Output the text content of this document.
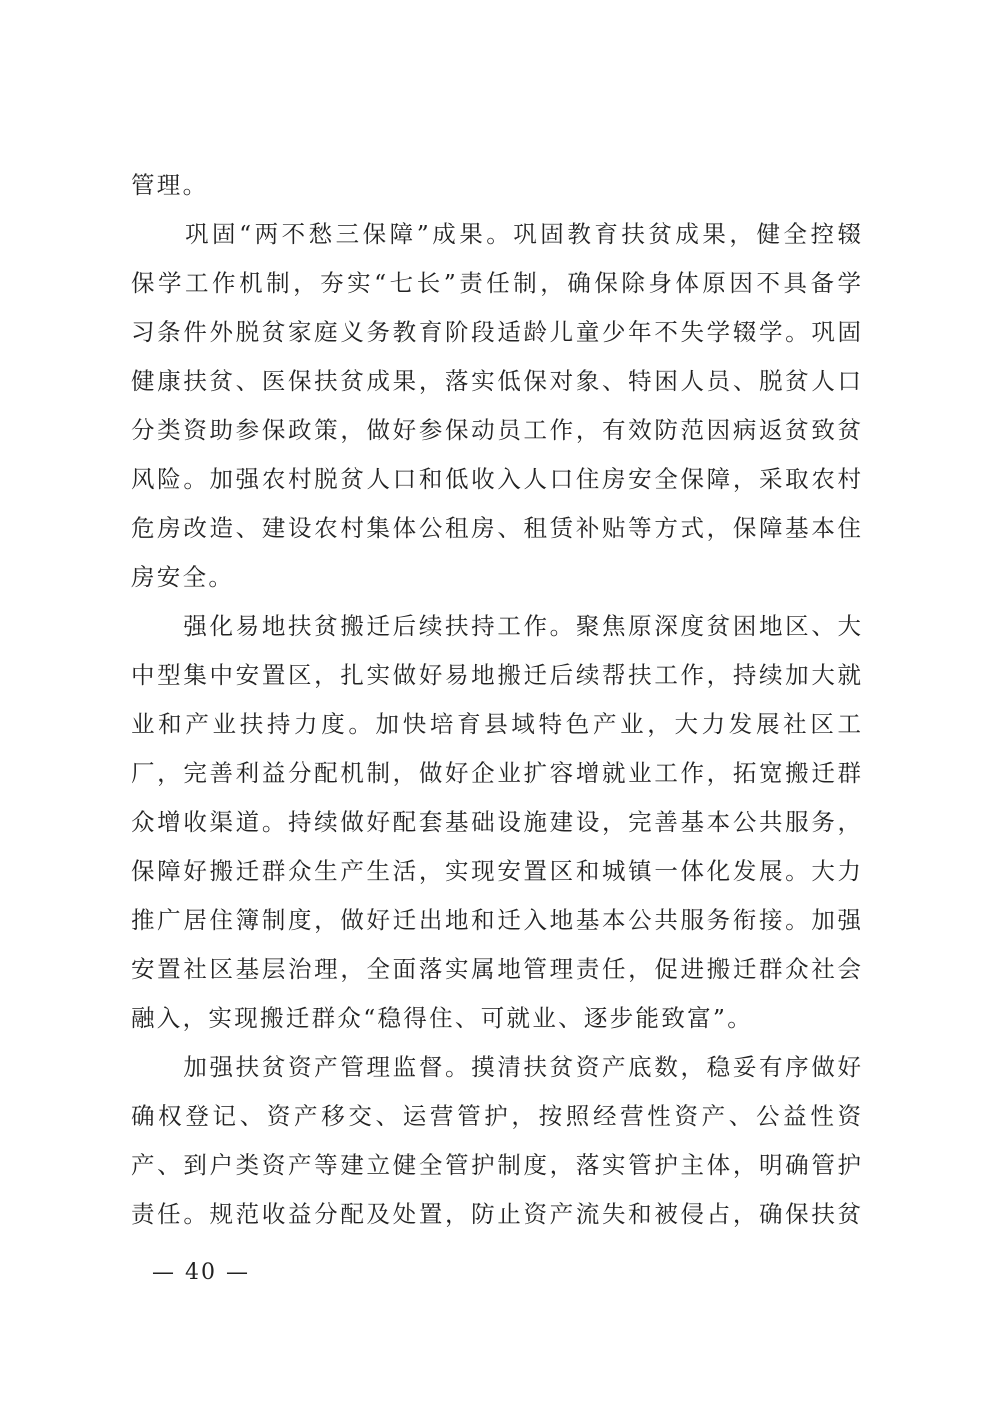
管理。
　　巩固“两不愁三保障”成果。巩固教育扶贫成果，健全控辍
保学工作机制，夯实“七长”责任制，确保除身体原因不具备学
习条件外脱贫家庭义务教育阶段适龄儿童少年不失学辍学。巩固
健康扶贫、医保扶贫成果，落实低保对象、特困人员、脱贫人口
分类资助参保政策，做好参保动员工作，有效防范因病返贫致贫
风险。加强农村脱贫人口和低收入人口住房安全保障，采取农村
危房改造、建设农村集体公租房、租赁补贴等方式，保障基本住
房安全。
　　强化易地扶贫搬迁后续扶持工作。聚焦原深度贫困地区、大
中型集中安置区，扎实做好易地搬迁后续帮扶工作，持续加大就
业和产业扶持力度。加快培育县域特色产业，大力发展社区工
厂，完善利益分配机制，做好企业扩容增就业工作，拓宽搬迁群
众增收渠道。持续做好配套基础设施建设，完善基本公共服务，
保障好搬迁群众生产生活，实现安置区和城镇一体化发展。大力
推广居住簿制度，做好迁出地和迁入地基本公共服务衔接。加强
安置社区基层治理，全面落实属地管理责任，促进搬迁群众社会
融入，实现搬迁群众“稳得住、可就业、逐步能致富”。
　　加强扶贫资产管理监督。摸清扶贫资产底数，稳妥有序做好
确权登记、资产移交、运营管护，按照经营性资产、公益性资
产、到户类资产等建立健全管护制度，落实管护主体，明确管护
责任。规范收益分配及处置，防止资产流失和被侵占，确保扶贫
— 40 —
